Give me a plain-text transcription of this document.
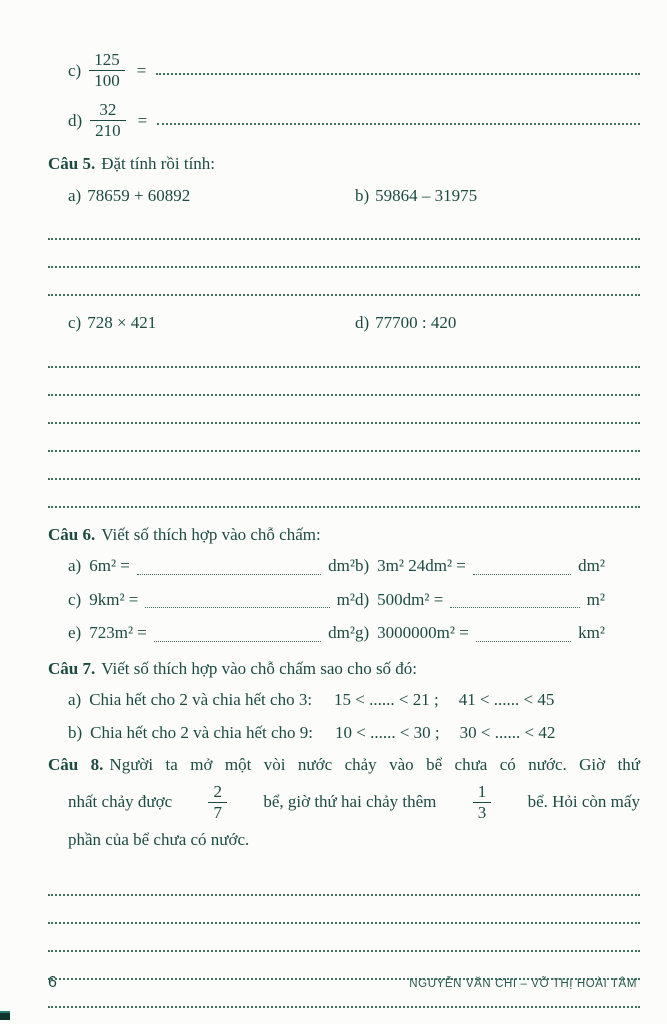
$c) \frac{125}{100}$ =
$d) \frac{32}{210}$ =
Câu 5. Đặt tính rồi tính:
a) 78659 + 60892	b) 59864 – 31975
c) 728 × 421	d) 77700 : 420
Câu 6. Viết số thích hợp vào chỗ chấm:
a) 6m² =	dm² b) 3m² 24dm² =	dm²
c) 9km² =	m² d) 500dm² =	m²
e) 723m² =	dm² g) 3000000m² =	km²
Câu 7. Viết số thích hợp vào chỗ chấm sao cho số đó:
a) Chia hết cho 2 và chia hết cho 3: 15 < ...... < 21 ; 41 < ...... < 45
b) Chia hết cho 2 và chia hết cho 9: 10 < ...... < 30 ; 30 < ...... < 42
Câu 8. Người ta mở một vòi nước chảy vào bể chưa có nước. Giờ thứ
nhất chảy được $\frac{2}{7}$ bể, giờ thứ hai chảy thêm $\frac{1}{3}$ bể. Hỏi còn mấy
phần của bể chưa có nước.
6	NGUYỄN VĂN CHI – VÕ THỊ HOÀI TÂM
